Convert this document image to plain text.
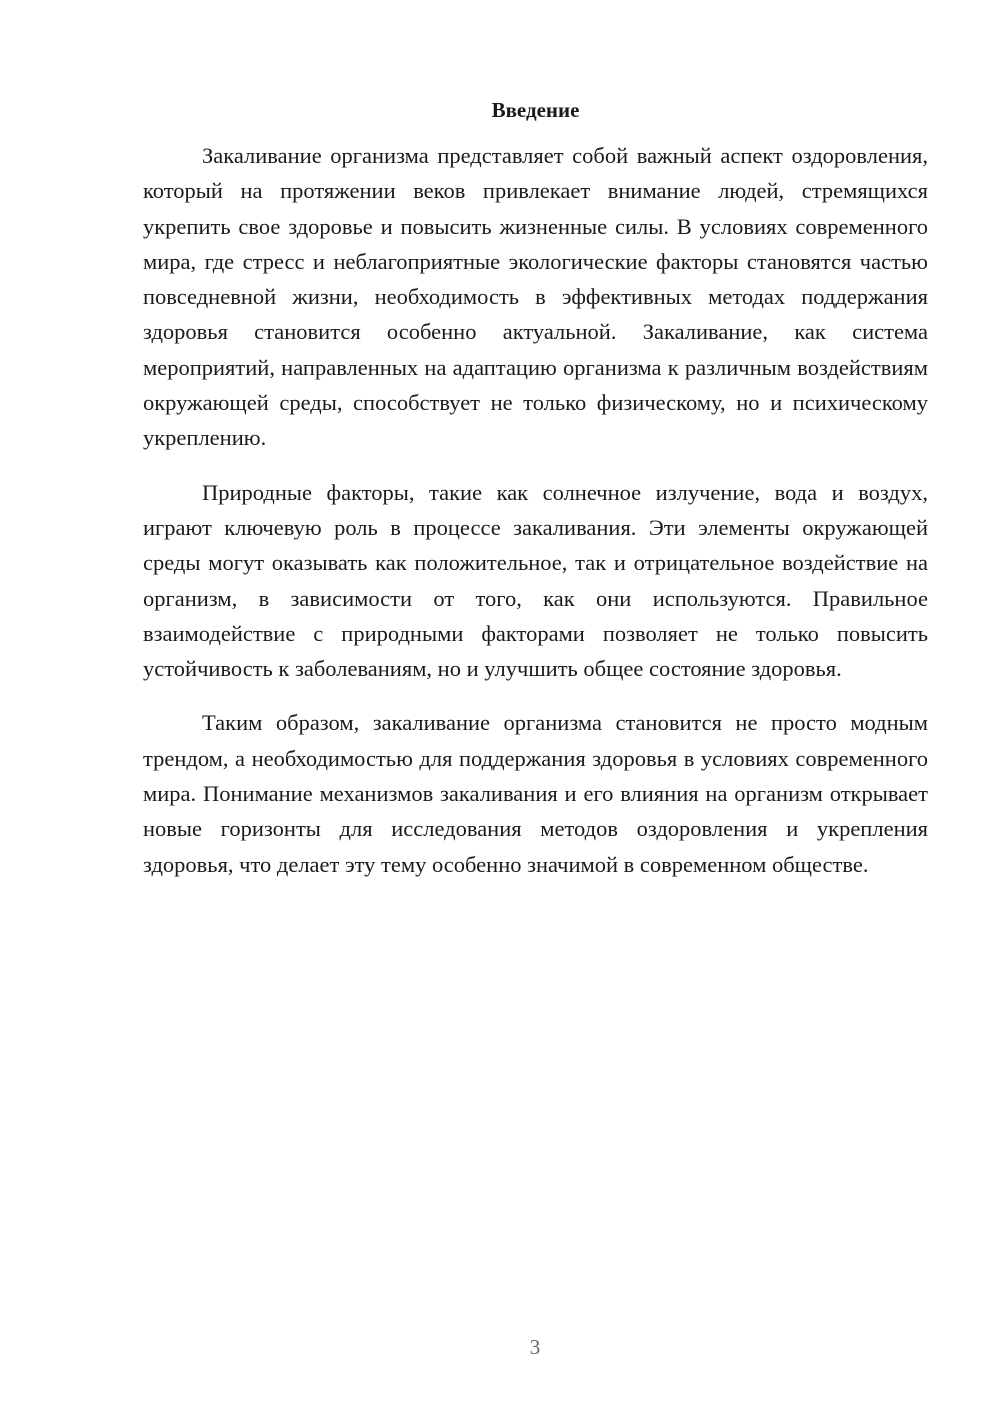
Введение

Закаливание организма представляет собой важный аспект оздоровления, который на протяжении веков привлекает внимание людей, стремящихся укрепить свое здоровье и повысить жизненные силы. В условиях современного мира, где стресс и неблагоприятные экологические факторы становятся частью повседневной жизни, необходимость в эффективных методах поддержания здоровья становится особенно актуальной. Закаливание, как система мероприятий, направленных на адаптацию организма к различным воздействиям окружающей среды, способствует не только физическому, но и психическому укреплению.

Природные факторы, такие как солнечное излучение, вода и воздух, играют ключевую роль в процессе закаливания. Эти элементы окружающей среды могут оказывать как положительное, так и отрицательное воздействие на организм, в зависимости от того, как они используются. Правильное взаимодействие с природными факторами позволяет не только повысить устойчивость к заболеваниям, но и улучшить общее состояние здоровья.

Таким образом, закаливание организма становится не просто модным трендом, а необходимостью для поддержания здоровья в условиях современного мира. Понимание механизмов закаливания и его влияния на организм открывает новые горизонты для исследования методов оздоровления и укрепления здоровья, что делает эту тему особенно значимой в современном обществе.

3
